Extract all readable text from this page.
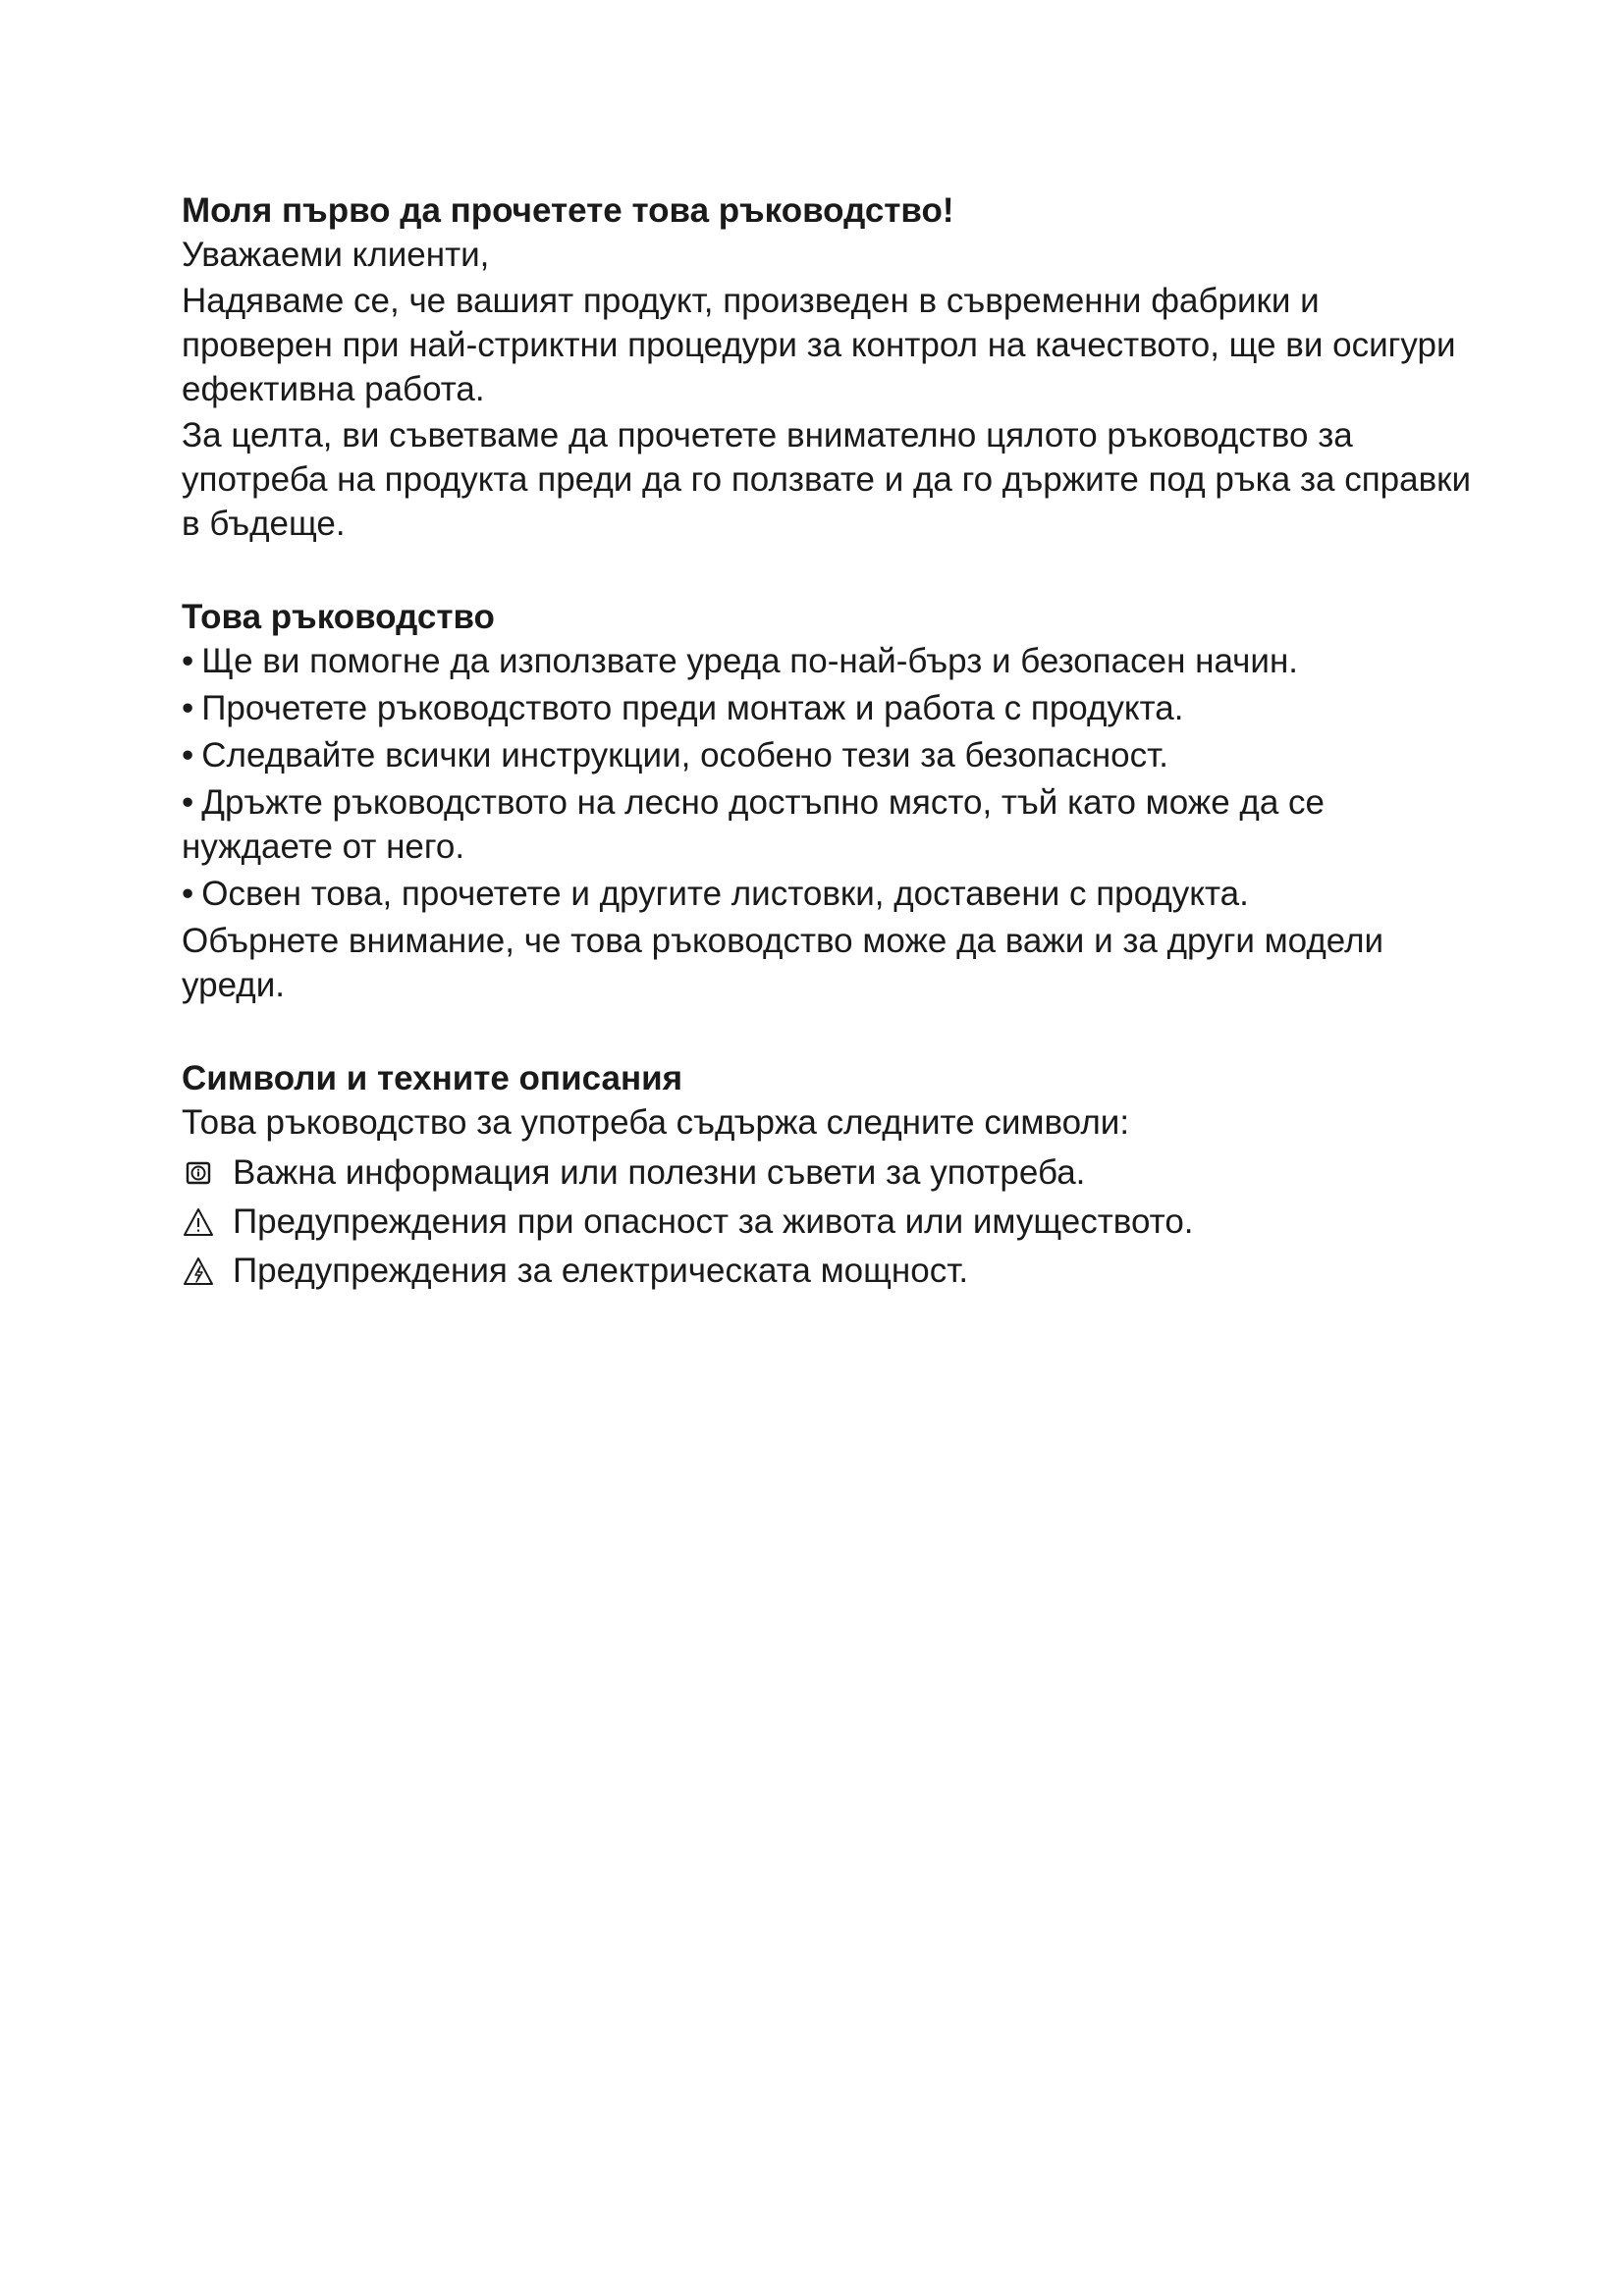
Моля първо да прочетете това ръководство!

Уважаеми клиенти,

Надяваме се, че вашият продукт, произведен в съвременни фабрики и проверен при най-стриктни процедури за контрол на качеството, ще ви осигури ефективна работа.

За целта, ви съветваме да прочетете внимателно цялото ръководство за употреба на продукта преди да го ползвате и да го държите под ръка за справки в бъдеще.

Това ръководство
• Ще ви помогне да използвате уреда по-най-бърз и безопасен начин.
• Прочетете ръководството преди монтаж и работа с продукта.
• Следвайте всички инструкции, особено тези за безопасност.
• Дръжте ръководството на лесно достъпно място, тъй като може да се нуждаете от него.
• Освен това, прочетете и другите листовки, доставени с продукта.

Обърнете внимание, че това ръководство може да важи и за други модели уреди.

Символи и техните описания

Това ръководство за употреба съдържа следните символи:

Важна информация или полезни съвети за употреба.
Предупреждения при опасност за живота или имуществото.
Предупреждения за електрическата мощност.
